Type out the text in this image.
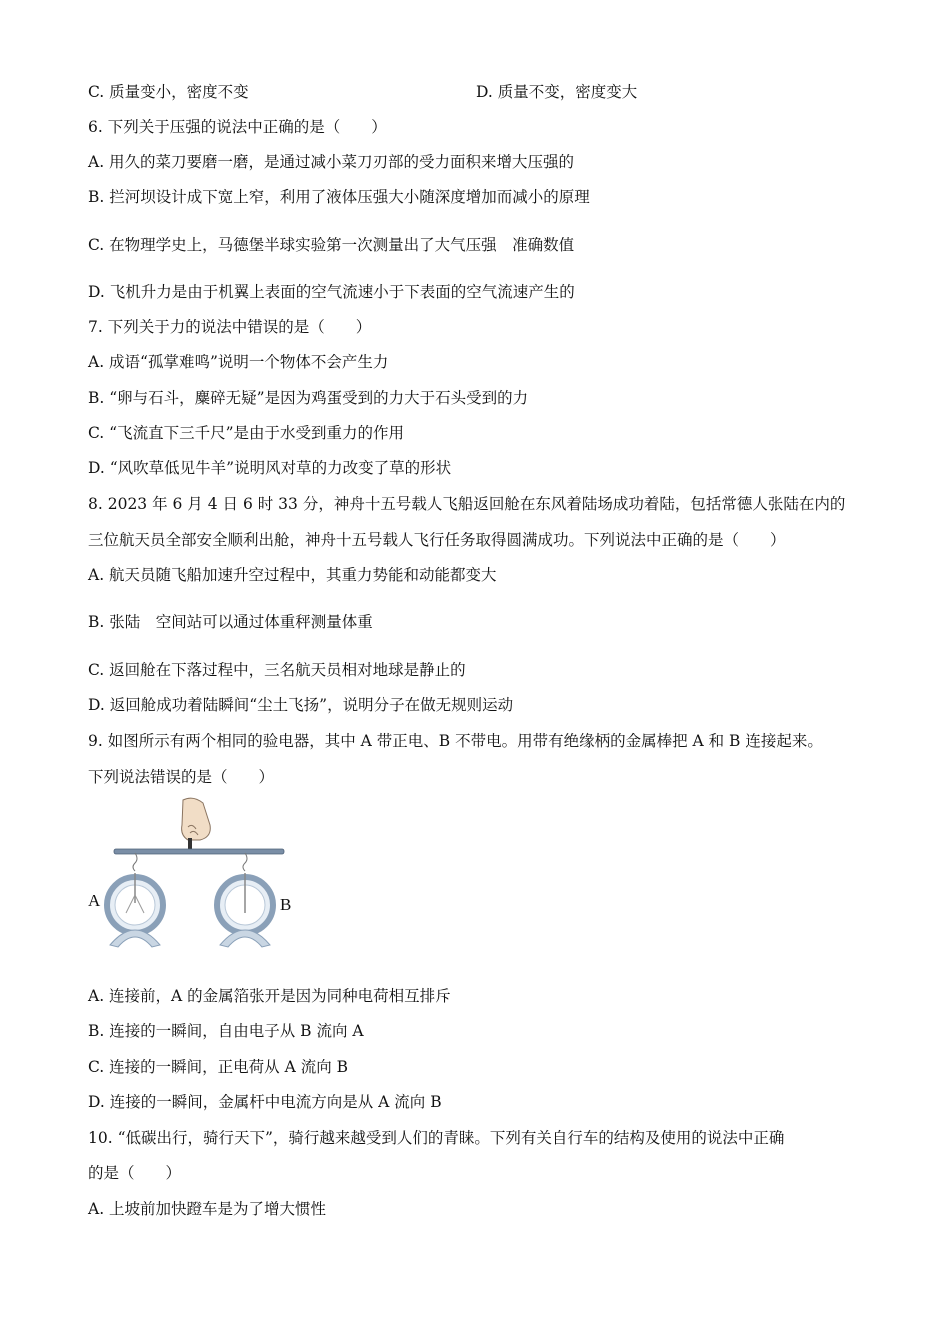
C. 质量变小，密度不变	D. 质量不变，密度变大
6. 下列关于压强的说法中正确的是（　　）
A. 用久的菜刀要磨一磨，是通过减小菜刀刃部的受力面积来增大压强的
B. 拦河坝设计成下宽上窄，利用了液体压强大小随深度增加而减小的原理
C. 在物理学史上，马德堡半球实验第一次测量出了大气压强　准确数值
D. 飞机升力是由于机翼上表面的空气流速小于下表面的空气流速产生的
7. 下列关于力的说法中错误的是（　　）
A. 成语“孤掌难鸣”说明一个物体不会产生力
B. “卵与石斗，麋碎无疑”是因为鸡蛋受到的力大于石头受到的力
C. “飞流直下三千尺”是由于水受到重力的作用
D. “风吹草低见牛羊”说明风对草的力改变了草的形状
8. 2023 年 6 月 4 日 6 时 33 分，神舟十五号载人飞船返回舱在东风着陆场成功着陆，包括常德人张陆在内的
三位航天员全部安全顺利出舱，神舟十五号载人飞行任务取得圆满成功。下列说法中正确的是（　　）
A. 航天员随飞船加速升空过程中，其重力势能和动能都变大
B. 张陆　空间站可以通过体重秤测量体重
C. 返回舱在下落过程中，三名航天员相对地球是静止的
D. 返回舱成功着陆瞬间“尘土飞扬”，说明分子在做无规则运动
9. 如图所示有两个相同的验电器，其中 A 带正电、B 不带电。用带有绝缘柄的金属棒把 A 和 B 连接起来。
下列说法错误的是（　　）
A	B
A. 连接前，A 的金属箔张开是因为同种电荷相互排斥
B. 连接的一瞬间，自由电子从 B 流向 A
C. 连接的一瞬间，正电荷从 A 流向 B
D. 连接的一瞬间，金属杆中电流方向是从 A 流向 B
10. “低碳出行，骑行天下”，骑行越来越受到人们的青睐。下列有关自行车的结构及使用的说法中正确
的是（　　）
A. 上坡前加快蹬车是为了增大惯性
